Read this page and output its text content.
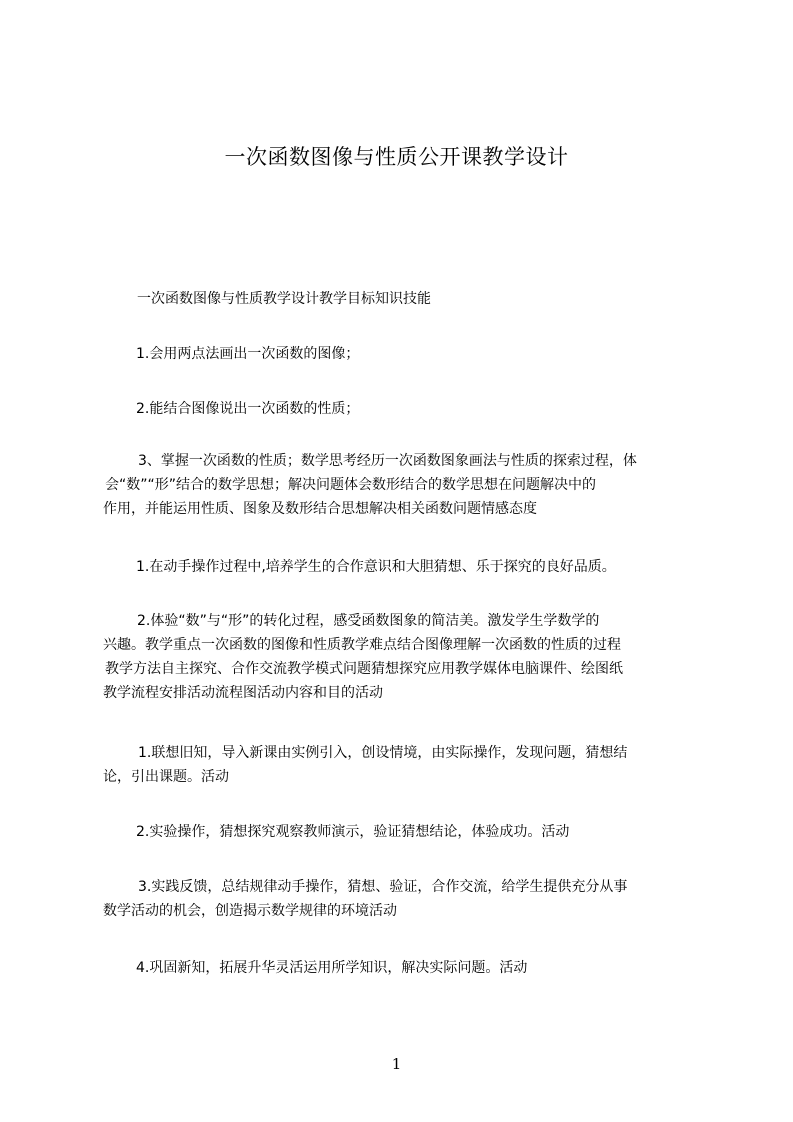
一次函数图像与性质公开课教学设计

一次函数图像与性质教学设计教学目标知识技能

1.会用两点法画出一次函数的图像；

2.能结合图像说出一次函数的性质；

3、掌握一次函数的性质；数学思考经历一次函数图象画法与性质的探索过程，体
会“数”“形”结合的数学思想；解决问题体会数形结合的数学思想在问题解决中的
作用，并能运用性质、图象及数形结合思想解决相关函数问题情感态度

1.在动手操作过程中,培养学生的合作意识和大胆猜想、乐于探究的良好品质。

2.体验“数”与“形”的转化过程，感受函数图象的简洁美。激发学生学数学的
兴趣。教学重点一次函数的图像和性质教学难点结合图像理解一次函数的性质的过程
教学方法自主探究、合作交流教学模式问题猜想探究应用教学媒体电脑课件、绘图纸
教学流程安排活动流程图活动内容和目的活动

1.联想旧知，导入新课由实例引入，创设情境，由实际操作，发现问题，猜想结
论，引出课题。活动

2.实验操作，猜想探究观察教师演示，验证猜想结论，体验成功。活动

3.实践反馈，总结规律动手操作，猜想、验证，合作交流，给学生提供充分从事
数学活动的机会，创造揭示数学规律的环境活动

4.巩固新知，拓展升华灵活运用所学知识，解决实际问题。活动

1
